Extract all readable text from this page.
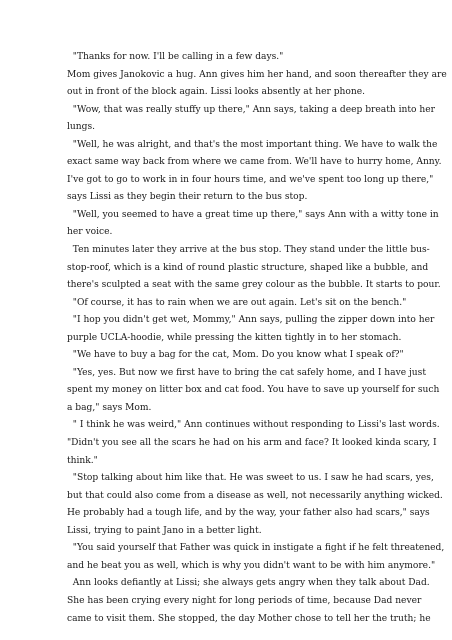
"Thanks for now. I'll be calling in a few days."
Mom gives Janokovic a hug. Ann gives him her hand, and soon thereafter they are
out in front of the block again. Lissi looks absently at her phone.
"Wow, that was really stuffy up there," Ann says, taking a deep breath into her
lungs.
"Well, he was alright, and that's the most important thing. We have to walk the
exact same way back from where we came from. We'll have to hurry home, Anny.
I've got to go to work in in four hours time, and we've spent too long up there,"
says Lissi as they begin their return to the bus stop.
"Well, you seemed to have a great time up there," says Ann with a witty tone in
her voice.
Ten minutes later they arrive at the bus stop. They stand under the little bus-
stop-roof, which is a kind of round plastic structure, shaped like a bubble, and
there's sculpted a seat with the same grey colour as the bubble. It starts to pour.
"Of course, it has to rain when we are out again. Let's sit on the bench."
"I hop you didn't get wet, Mommy," Ann says, pulling the zipper down into her
purple UCLA-hoodie, while pressing the kitten tightly in to her stomach.
"We have to buy a bag for the cat, Mom. Do you know what I speak of?"
"Yes, yes. But now we first have to bring the cat safely home, and I have just
spent my money on litter box and cat food. You have to save up yourself for such
a bag," says Mom.
" I think he was weird," Ann continues without responding to Lissi's last words.
"Didn't you see all the scars he had on his arm and face? It looked kinda scary, I
think."
"Stop talking about him like that. He was sweet to us. I saw he had scars, yes,
but that could also come from a disease as well, not necessarily anything wicked.
He probably had a tough life, and by the way, your father also had scars," says
Lissi, trying to paint Jano in a better light.
"You said yourself that Father was quick in instigate a fight if he felt threatened,
and he beat you as well, which is why you didn't want to be with him anymore."
Ann looks defiantly at Lissi; she always gets angry when they talk about Dad.
She has been crying every night for long periods of time, because Dad never
came to visit them. She stopped, the day Mother chose to tell her the truth; he
